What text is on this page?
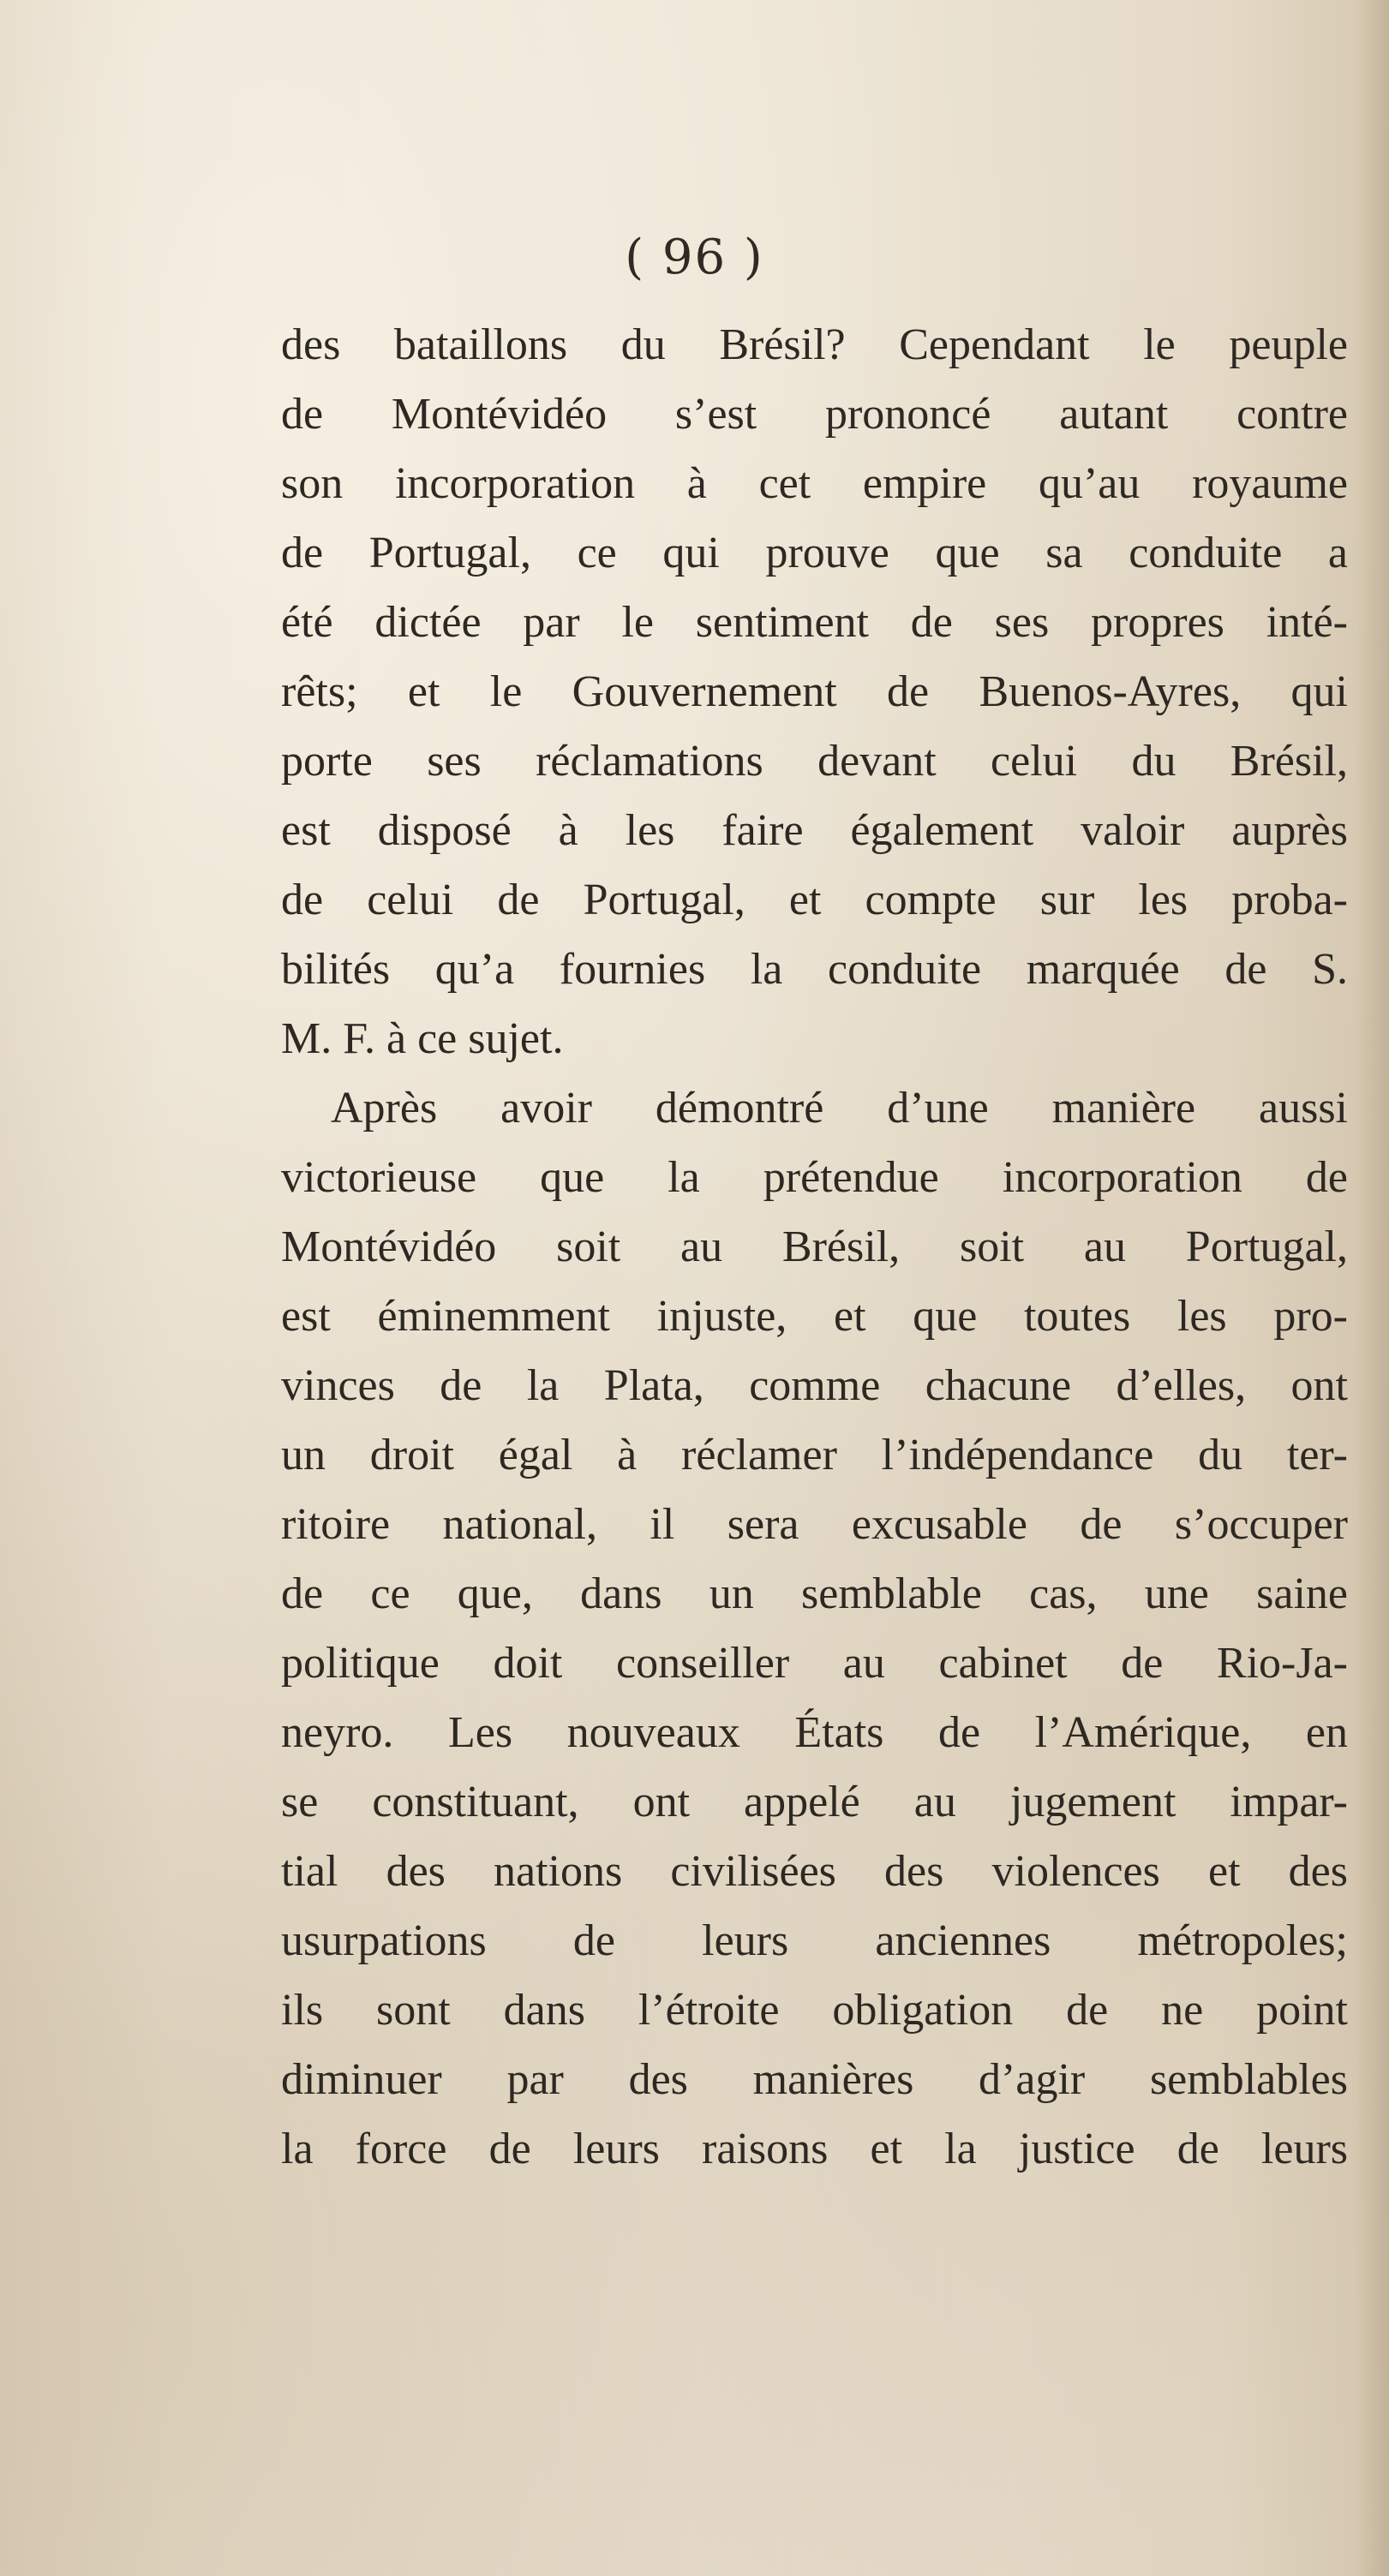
( 96 )
des bataillons du Brésil? Cependant le peuple
de Montévidéo s’est prononcé autant contre
son incorporation à cet empire qu’au royaume
de Portugal, ce qui prouve que sa conduite a
été dictée par le sentiment de ses propres inté-
rêts; et le Gouvernement de Buenos-Ayres, qui
porte ses réclamations devant celui du Brésil,
est disposé à les faire également valoir auprès
de celui de Portugal, et compte sur les proba-
bilités qu’a fournies la conduite marquée de S.
M. F. à ce sujet.
Après avoir démontré d’une manière aussi
victorieuse que la prétendue incorporation de
Montévidéo soit au Brésil, soit au Portugal,
est éminemment injuste, et que toutes les pro-
vinces de la Plata, comme chacune d’elles, ont
un droit égal à réclamer l’indépendance du ter-
ritoire national, il sera excusable de s’occuper
de ce que, dans un semblable cas, une saine
politique doit conseiller au cabinet de Rio-Ja-
neyro. Les nouveaux États de l’Amérique, en
se constituant, ont appelé au jugement impar-
tial des nations civilisées des violences et des
usurpations de leurs anciennes métropoles;
ils sont dans l’étroite obligation de ne point
diminuer par des manières d’agir semblables
la force de leurs raisons et la justice de leurs
